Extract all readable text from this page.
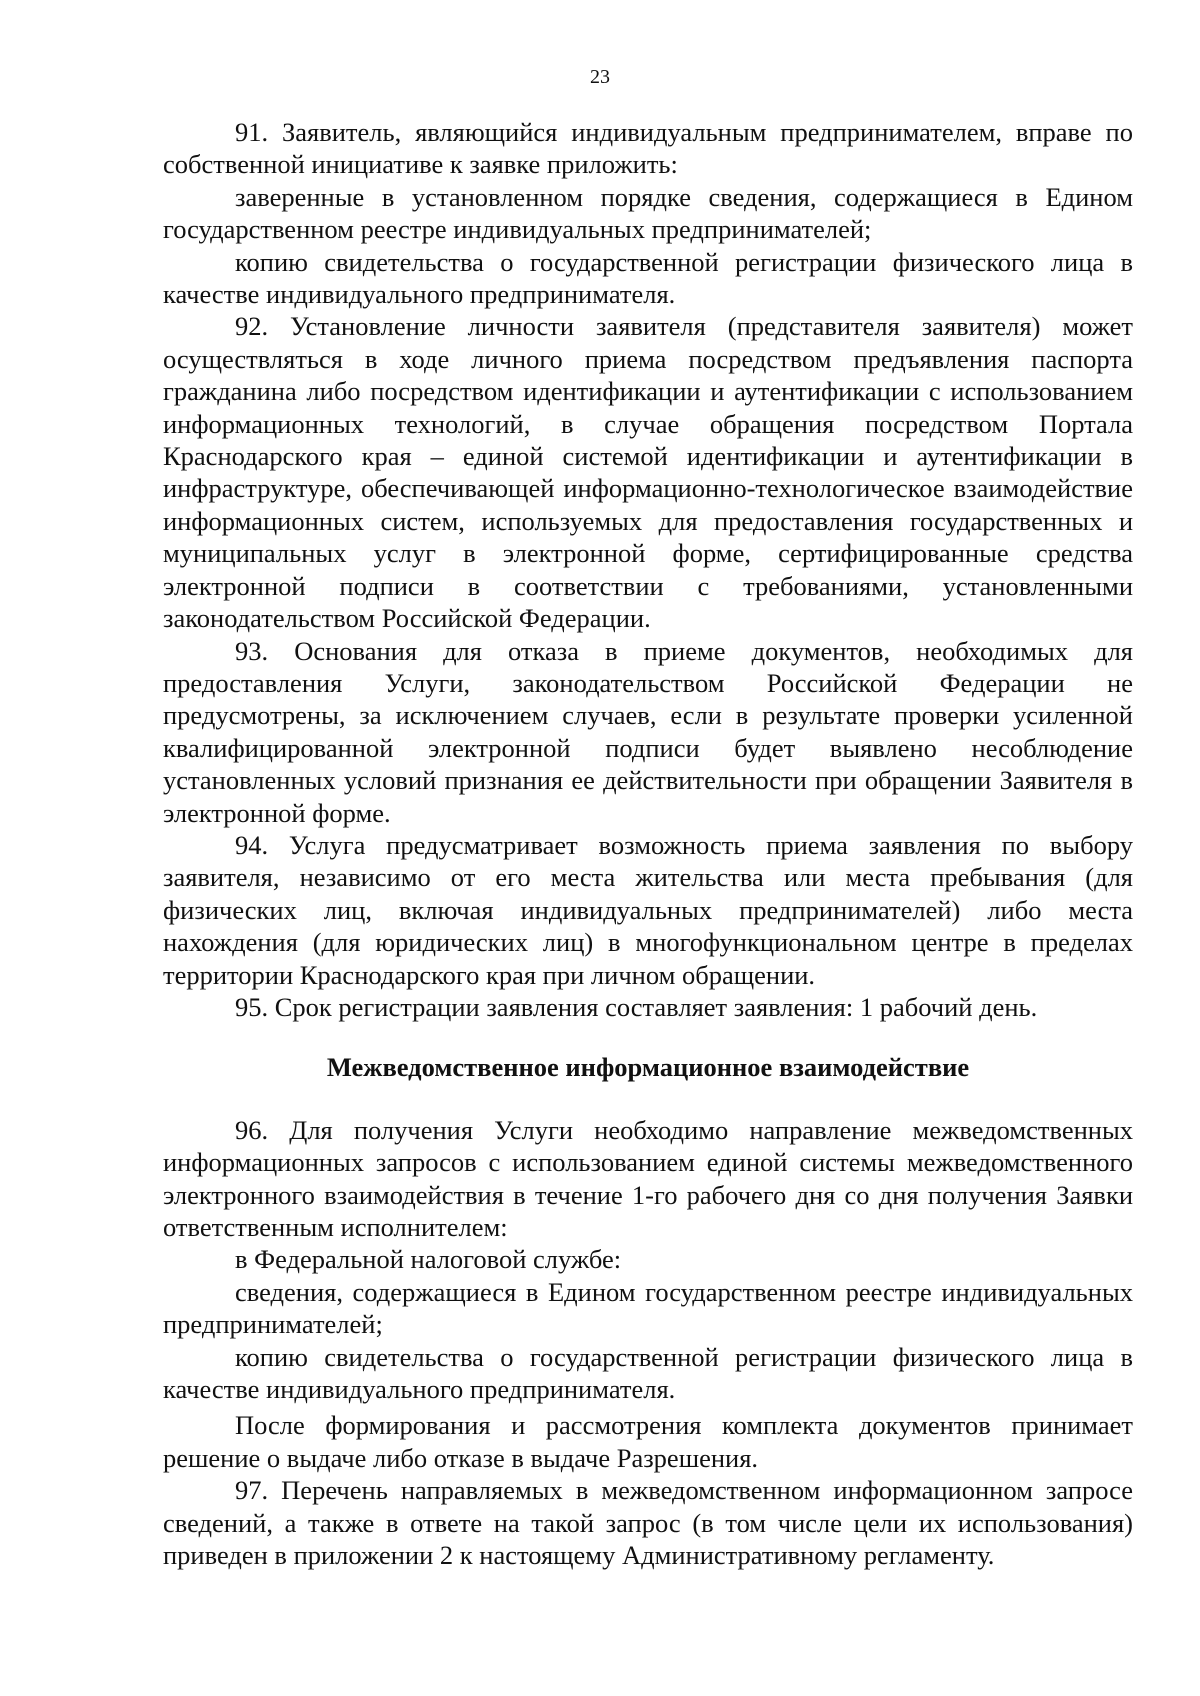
23

91. Заявитель, являющийся индивидуальным предпринимателем, вправе по собственной инициативе к заявке приложить:

заверенные в установленном порядке сведения, содержащиеся в Едином государственном реестре индивидуальных предпринимателей;

копию свидетельства о государственной регистрации физического лица в качестве индивидуального предпринимателя.

92. Установление личности заявителя (представителя заявителя) может осуществляться в ходе личного приема посредством предъявления паспорта гражданина либо посредством идентификации и аутентификации с использованием информационных технологий, в случае обращения посредством Портала Краснодарского края – единой системой идентификации и аутентификации в инфраструктуре, обеспечивающей информационно-технологическое взаимодействие информационных систем, используемых для предоставления государственных и муниципальных услуг в электронной форме, сертифицированные средства электронной подписи в соответствии с требованиями, установленными законодательством Российской Федерации.

93. Основания для отказа в приеме документов, необходимых для предоставления Услуги, законодательством Российской Федерации не предусмотрены, за исключением случаев, если в результате проверки усиленной квалифицированной электронной подписи будет выявлено несоблюдение установленных условий признания ее действительности при обращении Заявителя в электронной форме.

94. Услуга предусматривает возможность приема заявления по выбору заявителя, независимо от его места жительства или места пребывания (для физических лиц, включая индивидуальных предпринимателей) либо места нахождения (для юридических лиц) в многофункциональном центре в пределах территории Краснодарского края при личном обращении.

95. Срок регистрации заявления составляет заявления: 1 рабочий день.

Межведомственное информационное взаимодействие

96. Для получения Услуги необходимо направление межведомственных информационных запросов с использованием единой системы межведомственного электронного взаимодействия в течение 1-го рабочего дня со дня получения Заявки ответственным исполнителем:

в Федеральной налоговой службе:

сведения, содержащиеся в Едином государственном реестре индивидуальных предпринимателей;

копию свидетельства о государственной регистрации физического лица в качестве индивидуального предпринимателя.

После формирования и рассмотрения комплекта документов принимает решение о выдаче либо отказе в выдаче Разрешения.

97. Перечень направляемых в межведомственном информационном запросе сведений, а также в ответе на такой запрос (в том числе цели их использования) приведен в приложении 2 к настоящему Административному регламенту.
